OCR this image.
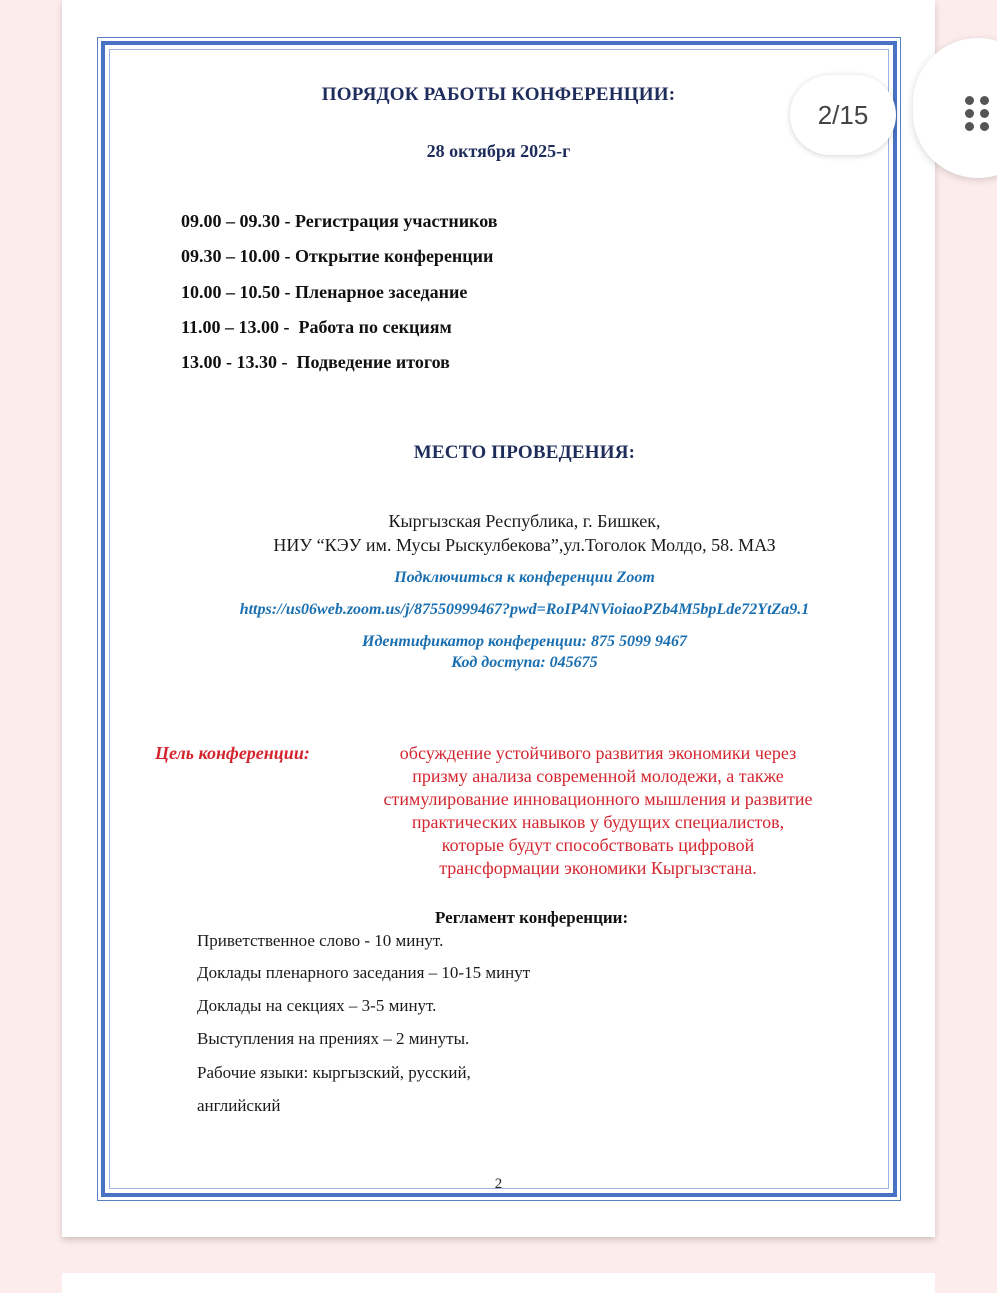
ПОРЯДОК РАБОТЫ КОНФЕРЕНЦИИ:
28 октября 2025-г
09.00 – 09.30 - Регистрация участников
09.30 – 10.00 - Открытие конференции
10.00 – 10.50 - Пленарное заседание
11.00 – 13.00 -  Работа по секциям
13.00 - 13.30 -  Подведение итогов
МЕСТО ПРОВЕДЕНИЯ:
Кыргызская Республика, г. Бишкек,
НИУ “КЭУ им. Мусы Рыскулбекова”,ул.Тоголок Молдо, 58. МАЗ
Подключиться к конференции Zoom
https://us06web.zoom.us/j/87550999467?pwd=RoIP4NVioiaoPZb4M5bpLde72YtZa9.1
Идентификатор конференции: 875 5099 9467
Код доступа: 045675
Цель конференции:	обсуждение устойчивого развития экономики через
призму анализа современной молодежи, а также
стимулирование инновационного мышления и развитие
практических навыков у будущих специалистов,
которые будут способствовать цифровой
трансформации экономики Кыргызстана.
Регламент конференции:
Приветственное слово - 10 минут.
Доклады пленарного заседания – 10-15 минут
Доклады на секциях – 3-5 минут.
Выступления на прениях – 2 минуты.
Рабочие языки: кыргызский, русский,
английский
2
2/15
